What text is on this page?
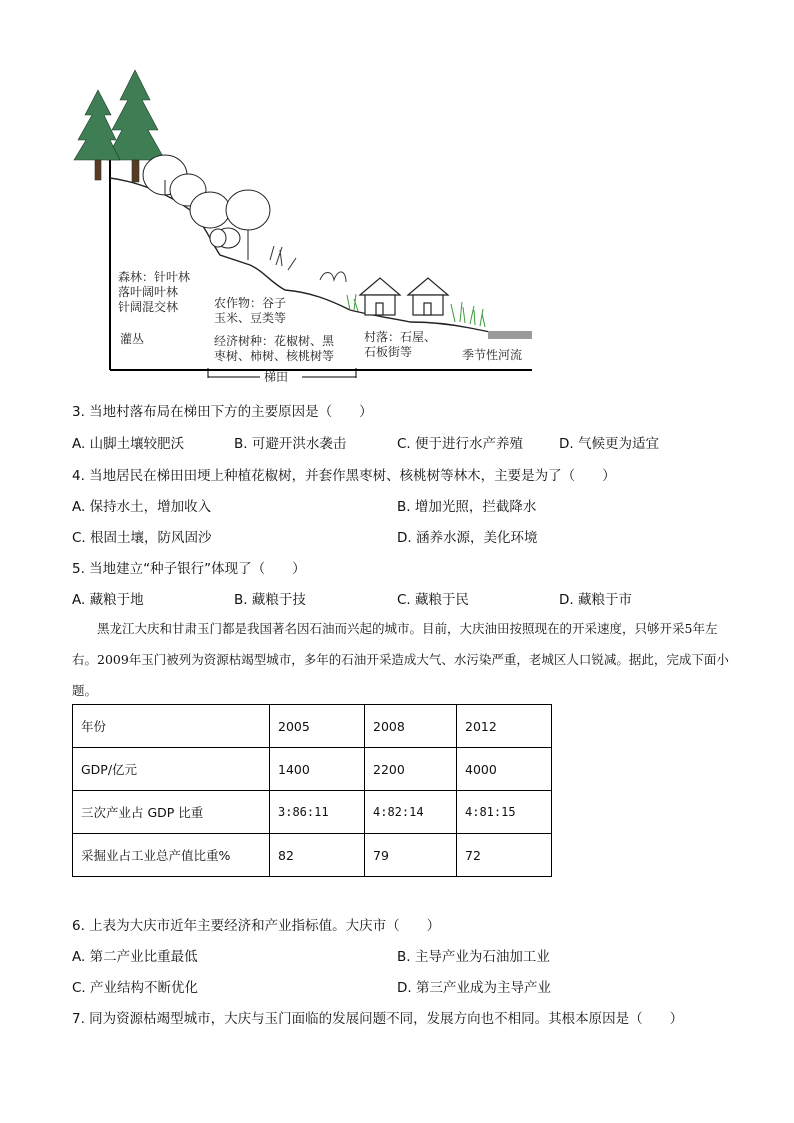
森林：针叶林
落叶阔叶林
针阔混交林
灌丛
农作物：谷子
玉米、豆类等
经济树种：花椒树、黑
枣树、柿树、核桃树等
村落：石屋、
石板街等	季节性河流
梯田
3. 当地村落布局在梯田下方的主要原因是（　　）
A. 山脚土壤较肥沃	B. 可避开洪水袭击	C. 便于进行水产养殖	D. 气候更为适宜
4. 当地居民在梯田田埂上种植花椒树，并套作黑枣树、核桃树等林木，主要是为了（　　）
A. 保持水土，增加收入	B. 增加光照，拦截降水
C. 根固土壤，防风固沙	D. 涵养水源，美化环境
5. 当地建立“种子银行”体现了（　　）
A. 藏粮于地	B. 藏粮于技	C. 藏粮于民	D. 藏粮于市
　　黑龙江大庆和甘肃玉门都是我国著名因石油而兴起的城市。目前，大庆油田按照现在的开采速度，只够开采5年左右。2009年玉门被列为资源枯竭型城市，多年的石油开采造成大气、水污染严重，老城区人口锐减。据此，完成下面小题。
年份	2005	2008	2012
GDP/亿元	1400	2200	4000
三次产业占 GDP 比重	3:86:11	4:82:14	4:81:15
采掘业占工业总产值比重%	82	79	72
6. 上表为大庆市近年主要经济和产业指标值。大庆市（　　）
A. 第二产业比重最低	B. 主导产业为石油加工业
C. 产业结构不断优化	D. 第三产业成为主导产业
7. 同为资源枯竭型城市，大庆与玉门面临的发展问题不同，发展方向也不相同。其根本原因是（　　）
